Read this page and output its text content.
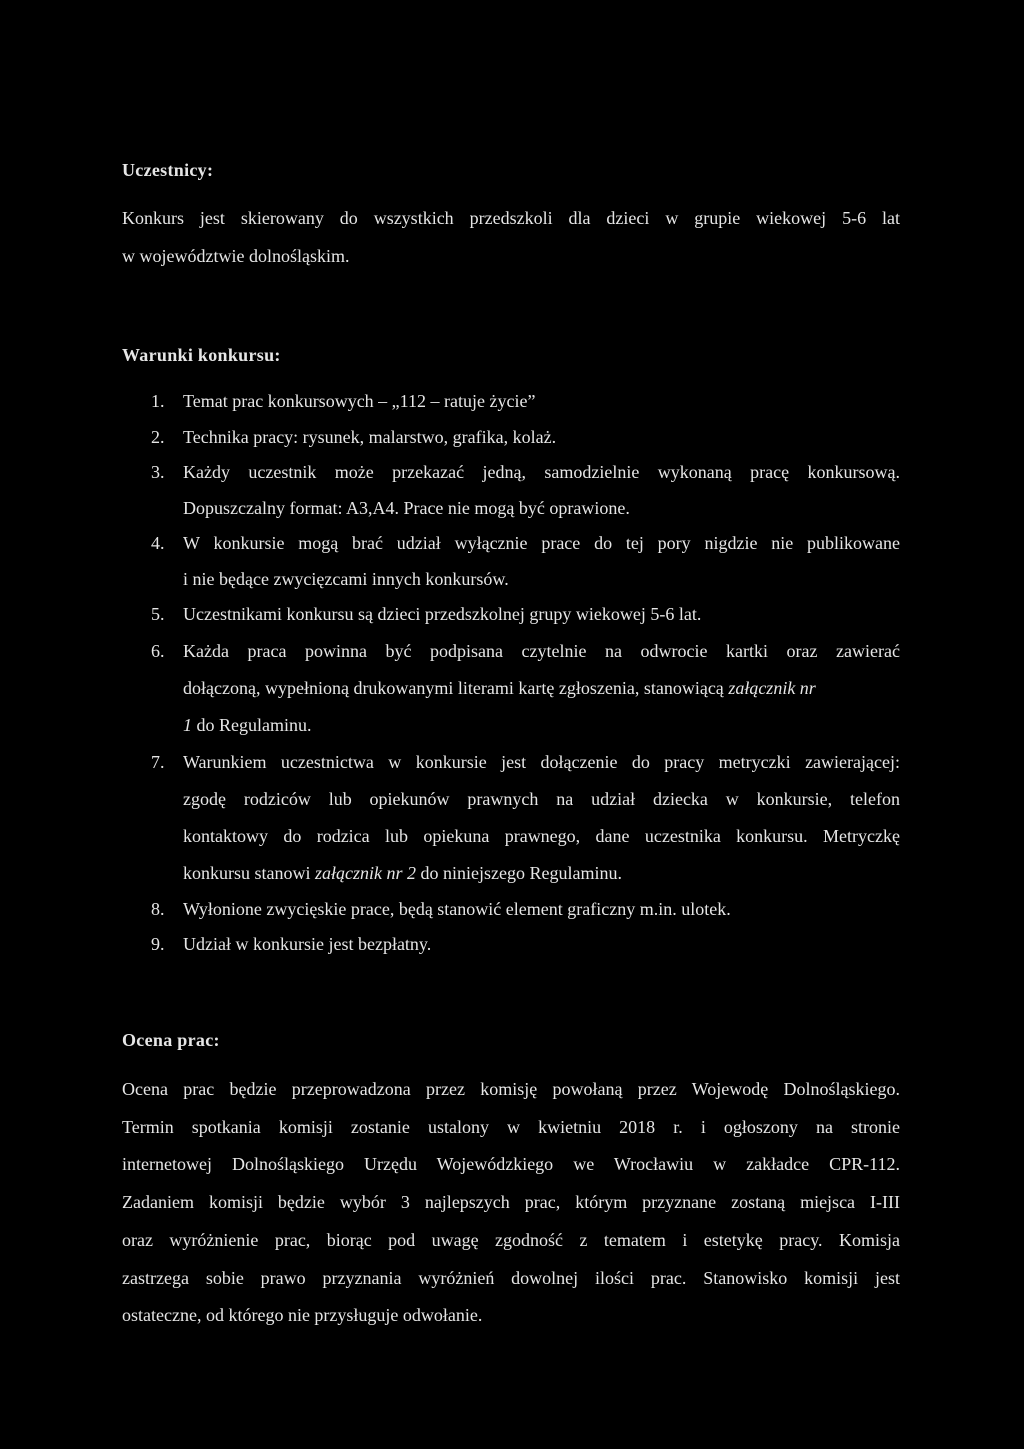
Uczestnicy:

Konkurs jest skierowany do wszystkich przedszkoli dla dzieci w grupie wiekowej 5-6 lat

w województwie dolnośląskim.

Warunki konkursu:
1. Temat prac konkursowych – „112 – ratuje życie”
2. Technika pracy: rysunek, malarstwo, grafika, kolaż.
3. Każdy uczestnik może przekazać jedną, samodzielnie wykonaną pracę konkursową.
Dopuszczalny format: A3,A4. Prace nie mogą być oprawione.
4. W konkursie mogą brać udział wyłącznie prace do tej pory nigdzie nie publikowane
i nie będące zwycięzcami innych konkursów.
5. Uczestnikami konkursu są dzieci przedszkolnej grupy wiekowej 5-6 lat.
6. Każda praca powinna być podpisana czytelnie na odwrocie kartki oraz zawierać
dołączoną, wypełnioną drukowanymi literami kartę zgłoszenia, stanowiącą załącznik nr
1 do Regulaminu.
7. Warunkiem uczestnictwa w konkursie jest dołączenie do pracy metryczki zawierającej:
zgodę rodziców lub opiekunów prawnych na udział dziecka w konkursie, telefon
kontaktowy do rodzica lub opiekuna prawnego, dane uczestnika konkursu. Metryczkę
konkursu stanowi załącznik nr 2 do niniejszego Regulaminu.
8. Wyłonione zwycięskie prace, będą stanowić element graficzny m.in. ulotek.
9. Udział w konkursie jest bezpłatny.
Ocena prac:

Ocena prac będzie przeprowadzona przez komisję powołaną przez Wojewodę Dolnośląskiego.

Termin spotkania komisji zostanie ustalony w kwietniu 2018 r. i ogłoszony na stronie

internetowej Dolnośląskiego Urzędu Wojewódzkiego we Wrocławiu w zakładce CPR-112.

Zadaniem komisji będzie wybór 3 najlepszych prac, którym przyznane zostaną miejsca I-III

oraz wyróżnienie prac, biorąc pod uwagę zgodność z tematem i estetykę pracy. Komisja

zastrzega sobie prawo przyznania wyróżnień dowolnej ilości prac. Stanowisko komisji jest

ostateczne, od którego nie przysługuje odwołanie.
